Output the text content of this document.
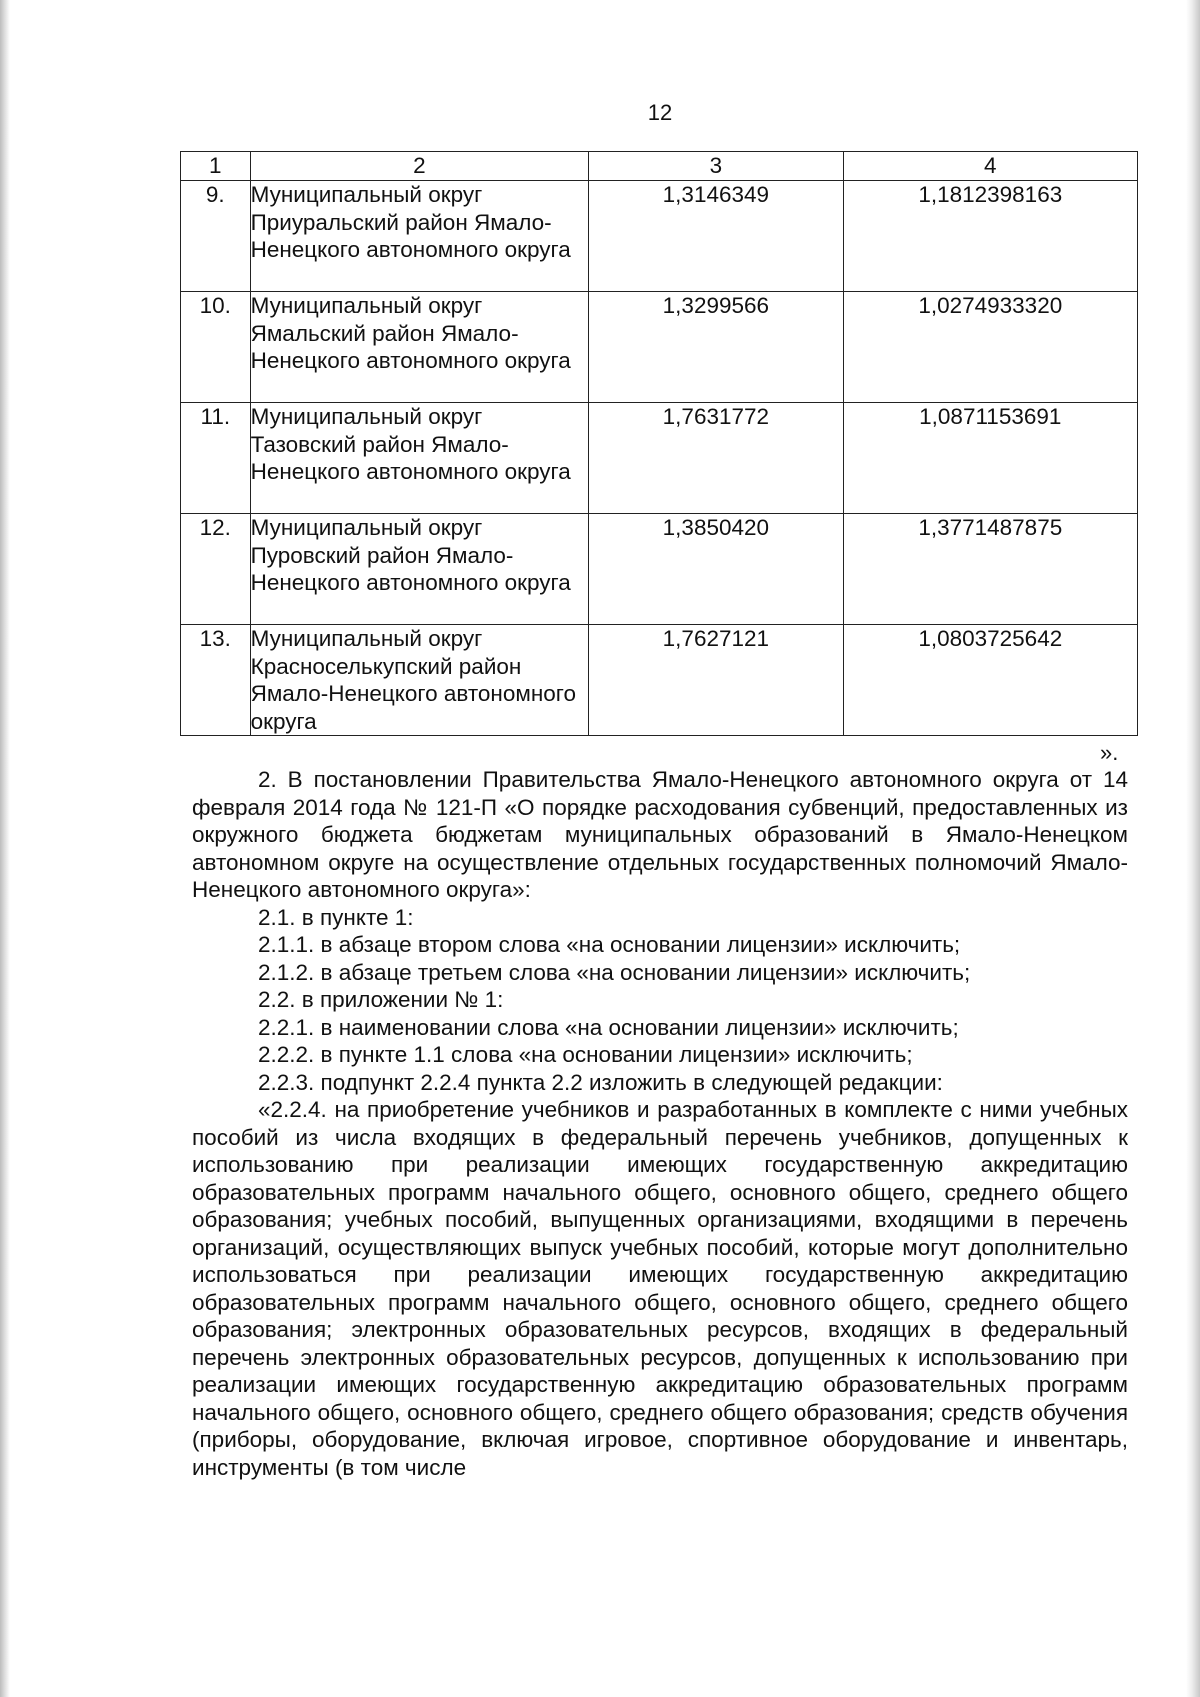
12
1	2	3	4
9.	Муниципальный округ Приуральский район Ямало-Ненецкого автономного округа	1,3146349	1,1812398163
10.	Муниципальный округ Ямальский район Ямало-Ненецкого автономного округа	1,3299566	1,0274933320
11.	Муниципальный округ Тазовский район Ямало-Ненецкого автономного округа	1,7631772	1,0871153691
12.	Муниципальный округ Пуровский район Ямало-Ненецкого автономного округа	1,3850420	1,3771487875
13.	Муниципальный округ Красноселькупский район Ямало-Ненецкого автономного округа	1,7627121	1,0803725642
».

2. В постановлении Правительства Ямало-Ненецкого автономного округа от 14 февраля 2014 года № 121-П «О порядке расходования субвенций, предоставленных из окружного бюджета бюджетам муниципальных образований в Ямало-Ненецком автономном округе на осуществление отдельных государственных полномочий Ямало-Ненецкого автономного округа»:

2.1. в пункте 1:

2.1.1. в абзаце втором слова «на основании лицензии» исключить;

2.1.2. в абзаце третьем слова «на основании лицензии» исключить;

2.2. в приложении № 1:

2.2.1. в наименовании слова «на основании лицензии» исключить;

2.2.2. в пункте 1.1 слова «на основании лицензии» исключить;

2.2.3. подпункт 2.2.4 пункта 2.2 изложить в следующей редакции:

«2.2.4. на приобретение учебников и разработанных в комплекте с ними учебных пособий из числа входящих в федеральный перечень учебников, допущенных к использованию при реализации имеющих государственную аккредитацию образовательных программ начального общего, основного общего, среднего общего образования; учебных пособий, выпущенных организациями, входящими в перечень организаций, осуществляющих выпуск учебных пособий, которые могут дополнительно использоваться при реализации имеющих государственную аккредитацию образовательных программ начального общего, основного общего, среднего общего образования; электронных образовательных ресурсов, входящих в федеральный перечень электронных образовательных ресурсов, допущенных к использованию при реализации имеющих государственную аккредитацию образовательных программ начального общего, основного общего, среднего общего образования; средств обучения (приборы, оборудование, включая игровое, спортивное оборудование и инвентарь, инструменты (в том числе
